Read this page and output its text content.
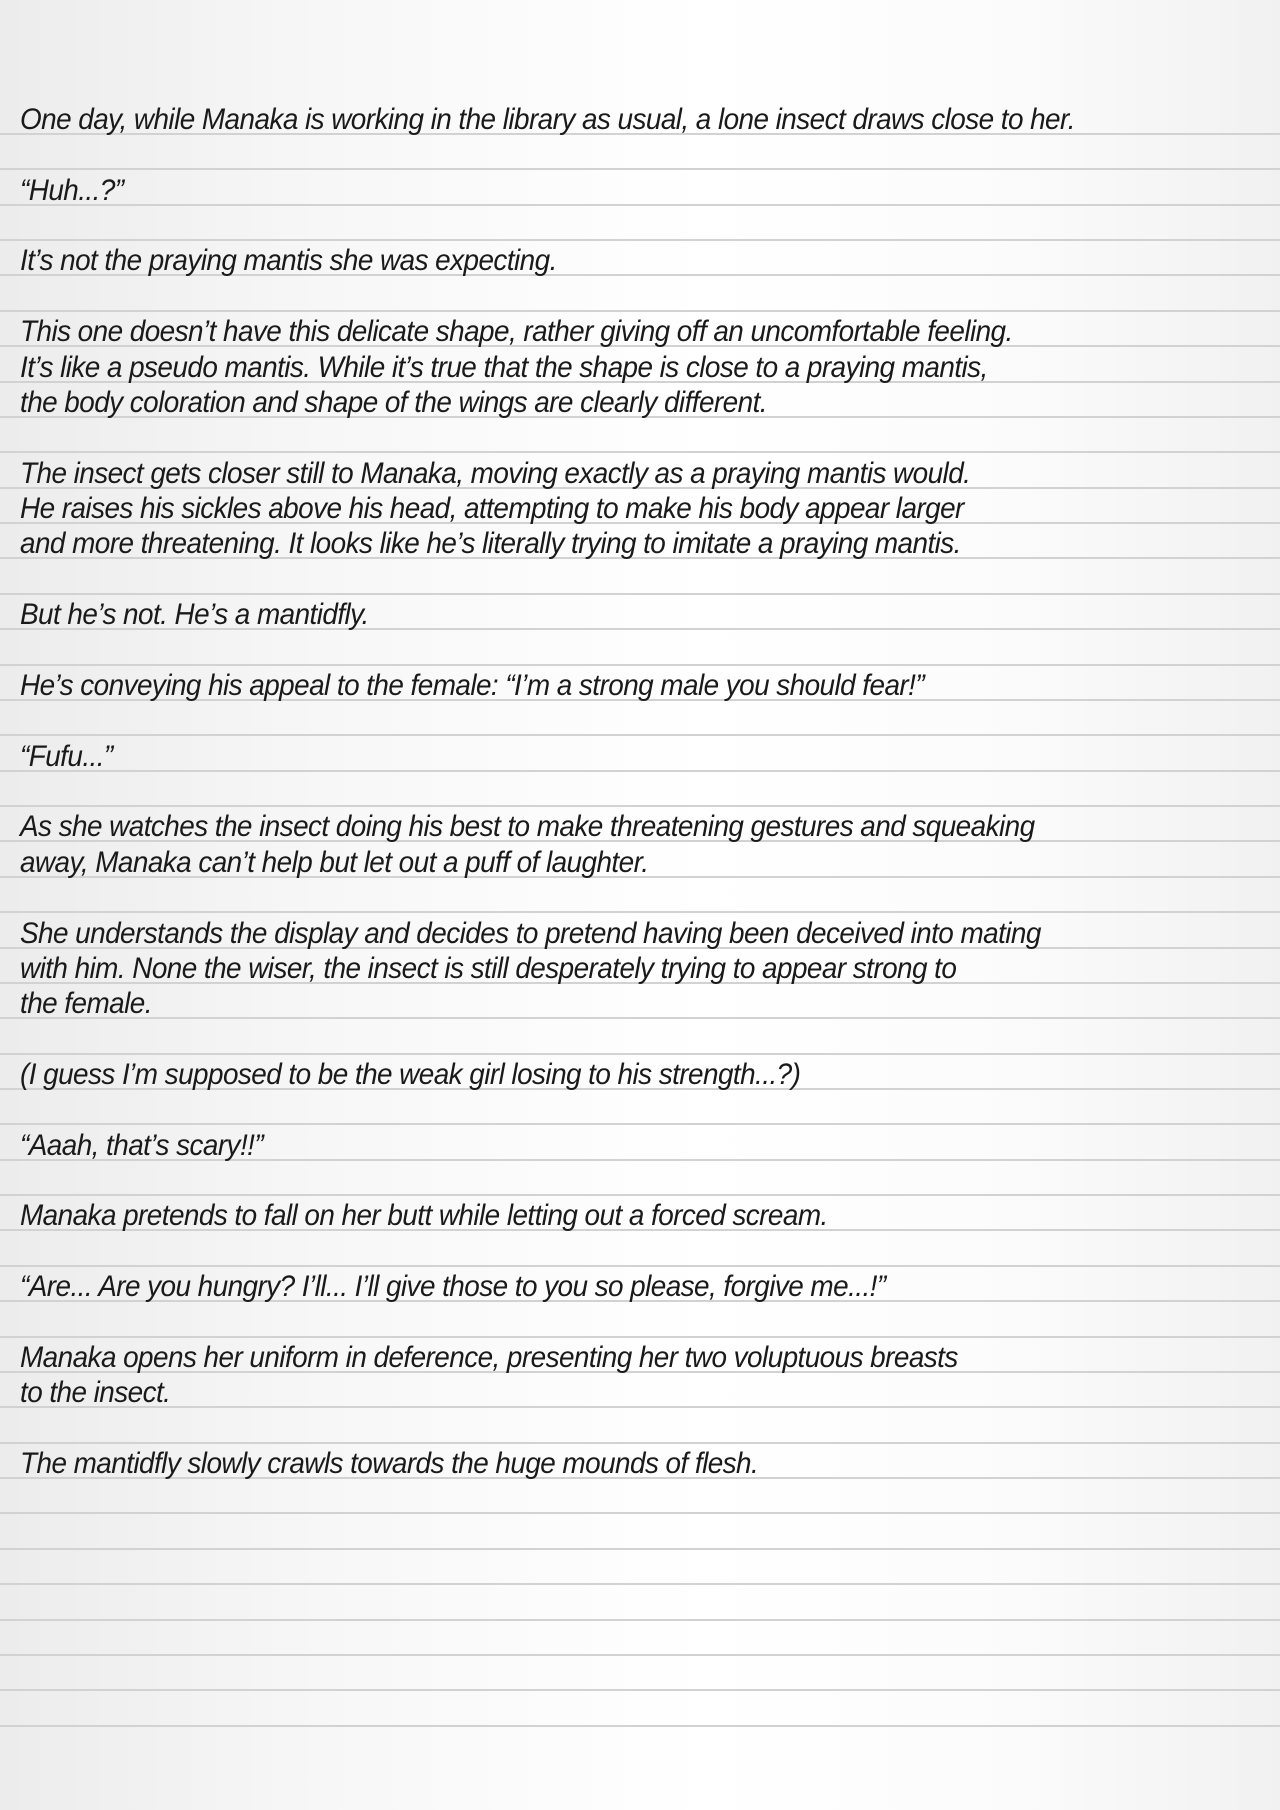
One day, while Manaka is working in the library as usual, a lone insect draws close to her.
“Huh...?”
It’s not the praying mantis she was expecting.
This one doesn’t have this delicate shape, rather giving off an uncomfortable feeling.
It’s like a pseudo mantis. While it’s true that the shape is close to a praying mantis,
the body coloration and shape of the wings are clearly different.
The insect gets closer still to Manaka, moving exactly as a praying mantis would.
He raises his sickles above his head, attempting to make his body appear larger
and more threatening. It looks like he’s literally trying to imitate a praying mantis.
But he’s not. He’s a mantidfly.
He’s conveying his appeal to the female: “I’m a strong male you should fear!”
“Fufu...”
As she watches the insect doing his best to make threatening gestures and squeaking
away, Manaka can’t help but let out a puff of laughter.
She understands the display and decides to pretend having been deceived into mating
with him. None the wiser, the insect is still desperately trying to appear strong to
the female.
(I guess I’m supposed to be the weak girl losing to his strength...?)
“Aaah, that’s scary!!”
Manaka pretends to fall on her butt while letting out a forced scream.
“Are... Are you hungry? I’ll... I’ll give those to you so please, forgive me...!”
Manaka opens her uniform in deference, presenting her two voluptuous breasts
to the insect.
The mantidfly slowly crawls towards the huge mounds of flesh.
